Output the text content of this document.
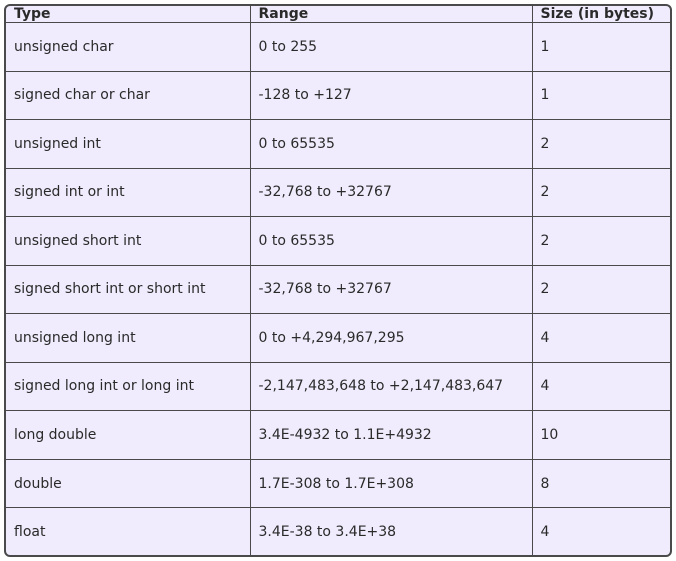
Type	Range	Size (in bytes)
unsigned char	0 to 255	1
signed char or char	-128 to +127	1
unsigned int	0 to 65535	2
signed int or int	-32,768 to +32767	2
unsigned short int	0 to 65535	2
signed short int or short int	-32,768 to +32767	2
unsigned long int	0 to +4,294,967,295	4
signed long int or long int	-2,147,483,648 to +2,147,483,647	4
long double	3.4E-4932 to 1.1E+4932	10
double	1.7E-308 to 1.7E+308	8
float	3.4E-38 to 3.4E+38	4
